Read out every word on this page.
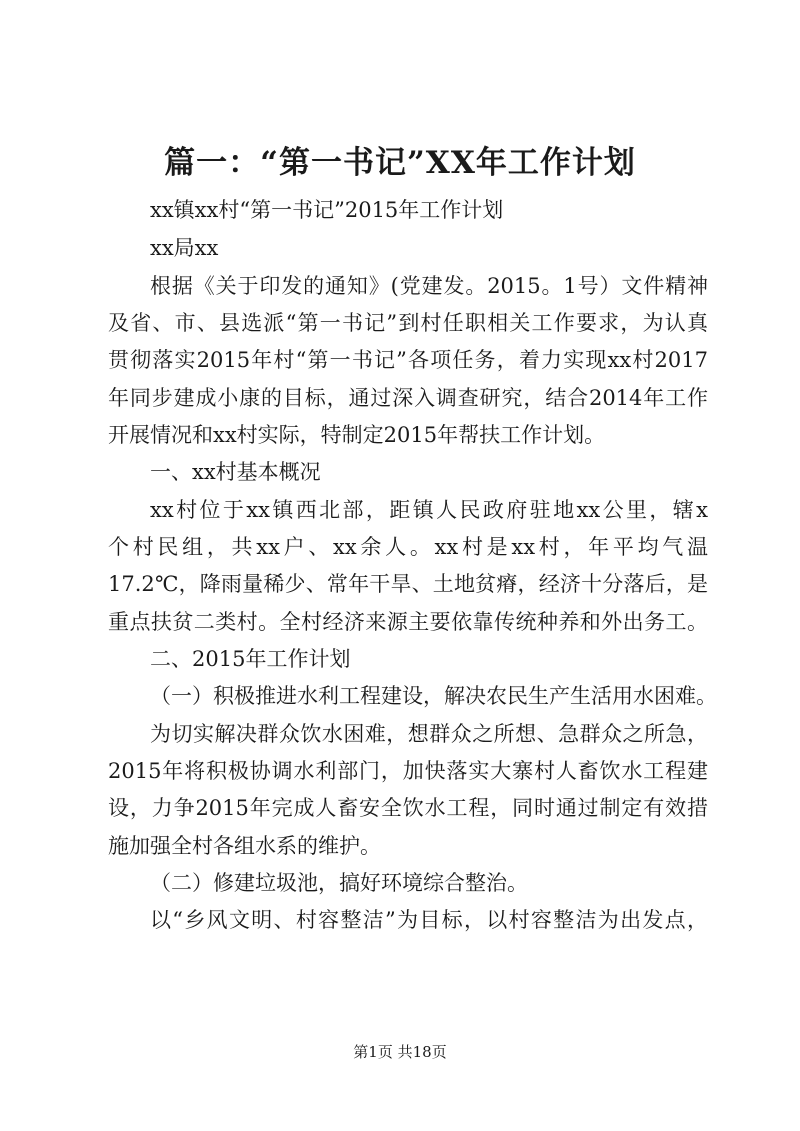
篇一：“第一书记”XX年工作计划

xx镇xx村“第一书记”2015年工作计划

xx局xx

根据《关于印发的通知》(党建发。2015。1号）文件精神

及省、市、县选派“第一书记”到村任职相关工作要求，为认真

贯彻落实2015年村“第一书记”各项任务，着力实现xx村2017

年同步建成小康的目标，通过深入调查研究，结合2014年工作

开展情况和xx村实际，特制定2015年帮扶工作计划。

一、xx村基本概况

xx村位于xx镇西北部，距镇人民政府驻地xx公里，辖x

个村民组，共xx户、xx余人。xx村是xx村，年平均气温

17.2℃，降雨量稀少、常年干旱、土地贫瘠，经济十分落后，是

重点扶贫二类村。全村经济来源主要依靠传统种养和外出务工。

二、2015年工作计划

（一）积极推进水利工程建设，解决农民生产生活用水困难。

为切实解决群众饮水困难，想群众之所想、急群众之所急，

2015年将积极协调水利部门，加快落实大寨村人畜饮水工程建

设，力争2015年完成人畜安全饮水工程，同时通过制定有效措

施加强全村各组水系的维护。

（二）修建垃圾池，搞好环境综合整治。

以“乡风文明、村容整洁”为目标，以村容整洁为出发点，

第1页 共18页
